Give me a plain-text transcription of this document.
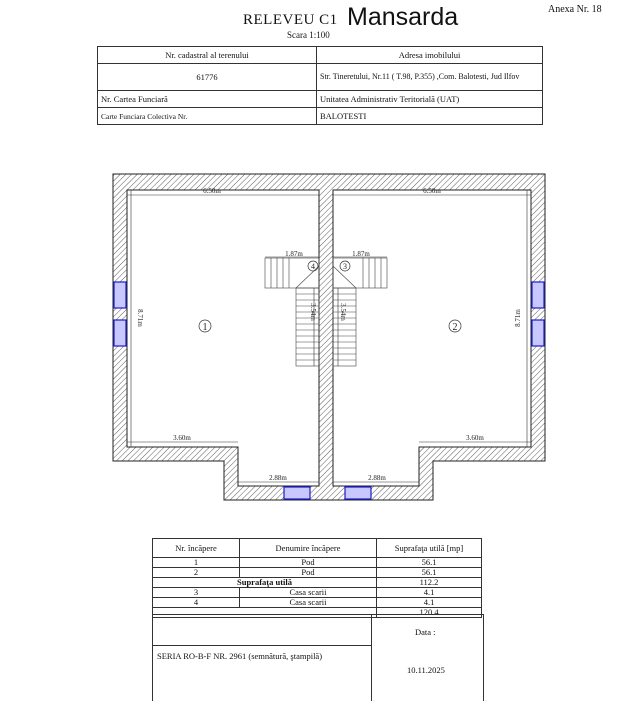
Anexa Nr. 18
RELEVEU C1 Mansarda
Scara 1:100
Nr. cadastral al terenului	Adresa imobilului
61776	Str. Tineretului, Nr.11 ( T.98, P.355) ,Com. Balotesti, Jud Ilfov
Nr. Cartea Funciară	Unitatea Administrativ Teritorială (UAT)
Carte Funciara Colectiva Nr.	BALOTESTI
6.50m	6.50m
1.87m	1.87m
8.71m	8.71m
3.54m	3.54m
3.60m	3.60m
2.88m	2.88m
1	2
4	3
Nr. încăpere	Denumire încăpere	Suprafaţa utilă [mp]
1	Pod	56.1
2	Pod	56.1
Suprafaţa utilă		112.2
3	Casa scarii	4.1
4	Casa scarii	4.1
		120.4
SERIA RO-B-F NR. 2961 (semnătură, ştampilă)
Data :
10.11.2025
